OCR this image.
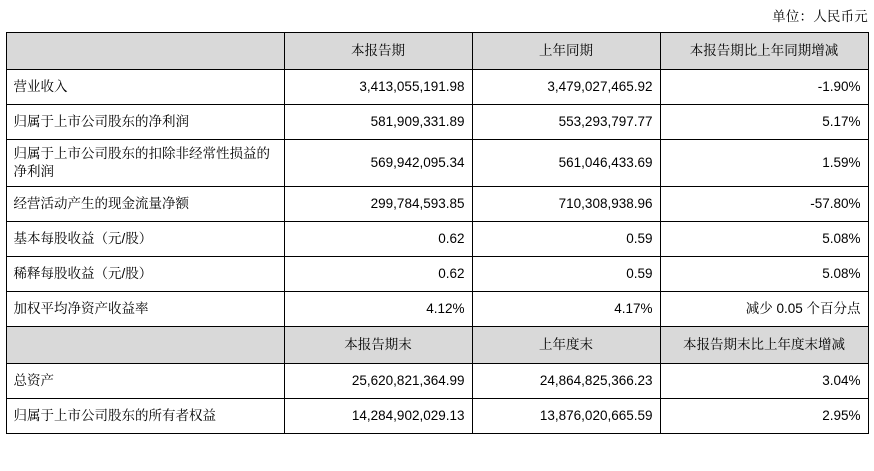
单位：人民币元
	本报告期	上年同期	本报告期比上年同期增减
营业收入	3,413,055,191.98	3,479,027,465.92	-1.90%
归属于上市公司股东的净利润	581,909,331.89	553,293,797.77	5.17%
归属于上市公司股东的扣除非经常性损益的净利润	569,942,095.34	561,046,433.69	1.59%
经营活动产生的现金流量净额	299,784,593.85	710,308,938.96	-57.80%
基本每股收益（元/股）	0.62	0.59	5.08%
稀释每股收益（元/股）	0.62	0.59	5.08%
加权平均净资产收益率	4.12%	4.17%	减少 0.05 个百分点
	本报告期末	上年度末	本报告期末比上年度末增减
总资产	25,620,821,364.99	24,864,825,366.23	3.04%
归属于上市公司股东的所有者权益	14,284,902,029.13	13,876,020,665.59	2.95%
